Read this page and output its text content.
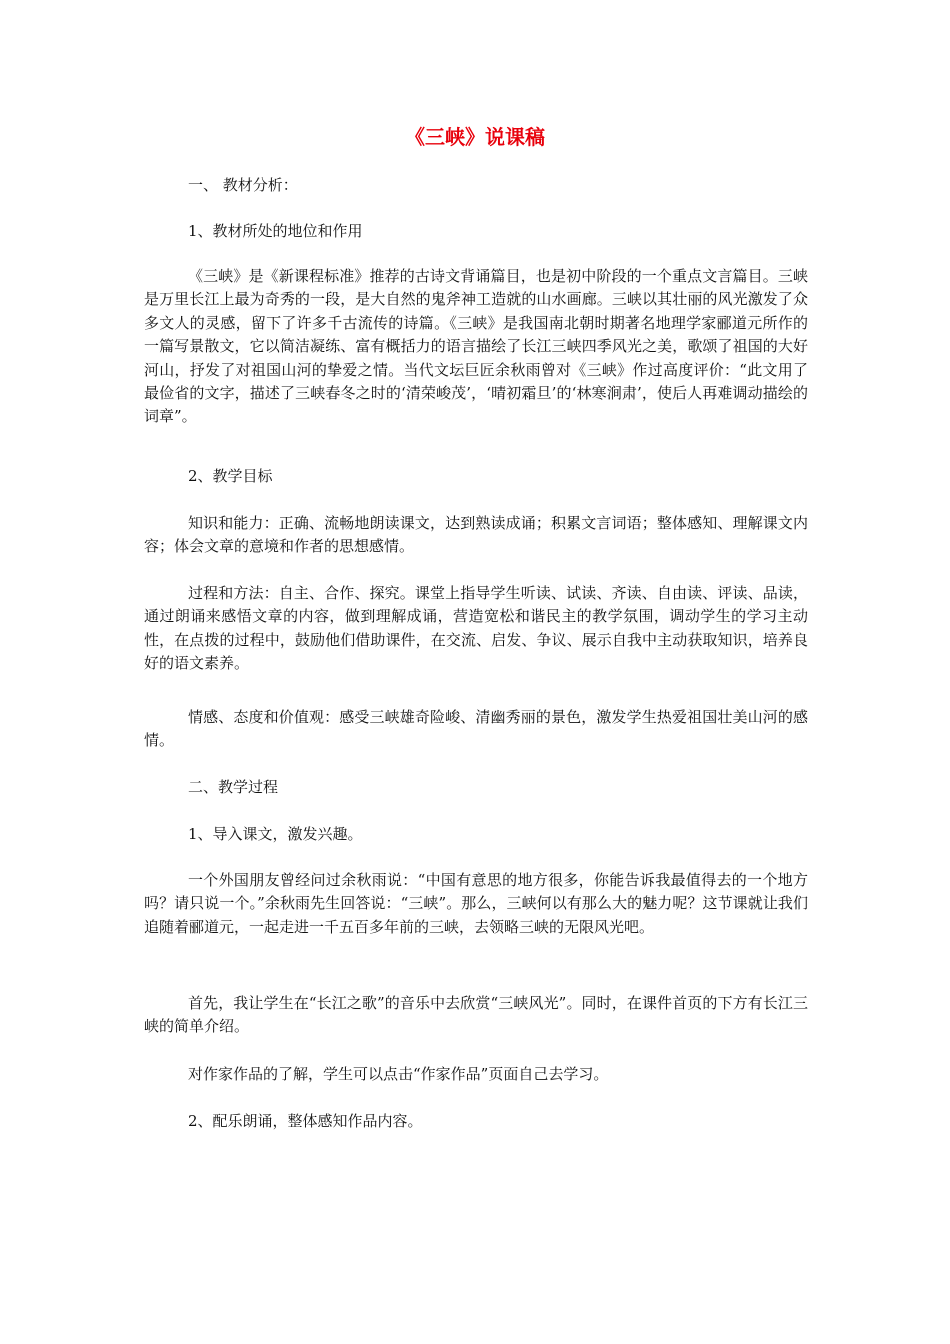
《三峡》说课稿
一、 教材分析：
1、教材所处的地位和作用

《三峡》是《新课程标准》推荐的古诗文背诵篇目，也是初中阶段的一个重点文言篇目。三峡是万里长江上最为奇秀的一段，是大自然的鬼斧神工造就的山水画廊。三峡以其壮丽的风光激发了众多文人的灵感，留下了许多千古流传的诗篇。《三峡》是我国南北朝时期著名地理学家郦道元所作的一篇写景散文，它以简洁凝练、富有概括力的语言描绘了长江三峡四季风光之美，歌颂了祖国的大好河山，抒发了对祖国山河的挚爱之情。当代文坛巨匠余秋雨曾对《三峡》作过高度评价：“此文用了最俭省的文字，描述了三峡春冬之时的‘清荣峻茂’，‘晴初霜旦’的‘林寒涧肃’，使后人再难调动描绘的词章”。

2、教学目标

知识和能力：正确、流畅地朗读课文，达到熟读成诵；积累文言词语；整体感知、理解课文内容；体会文章的意境和作者的思想感情。

过程和方法：自主、合作、探究。课堂上指导学生听读、试读、齐读、自由读、评读、品读，通过朗诵来感悟文章的内容，做到理解成诵，营造宽松和谐民主的教学氛围，调动学生的学习主动性，在点拨的过程中，鼓励他们借助课件，在交流、启发、争议、展示自我中主动获取知识，培养良好的语文素养。

情感、态度和价值观：感受三峡雄奇险峻、清幽秀丽的景色，激发学生热爱祖国壮美山河的感情。

二、教学过程
1、导入课文，激发兴趣。

一个外国朋友曾经问过余秋雨说：“中国有意思的地方很多，你能告诉我最值得去的一个地方吗？请只说一个。”余秋雨先生回答说：“三峡”。那么，三峡何以有那么大的魅力呢？这节课就让我们追随着郦道元，一起走进一千五百多年前的三峡，去领略三峡的无限风光吧。

首先，我让学生在“长江之歌”的音乐中去欣赏“三峡风光”。同时，在课件首页的下方有长江三峡的简单介绍。

对作家作品的了解，学生可以点击“作家作品”页面自己去学习。
2、配乐朗诵，整体感知作品内容。
